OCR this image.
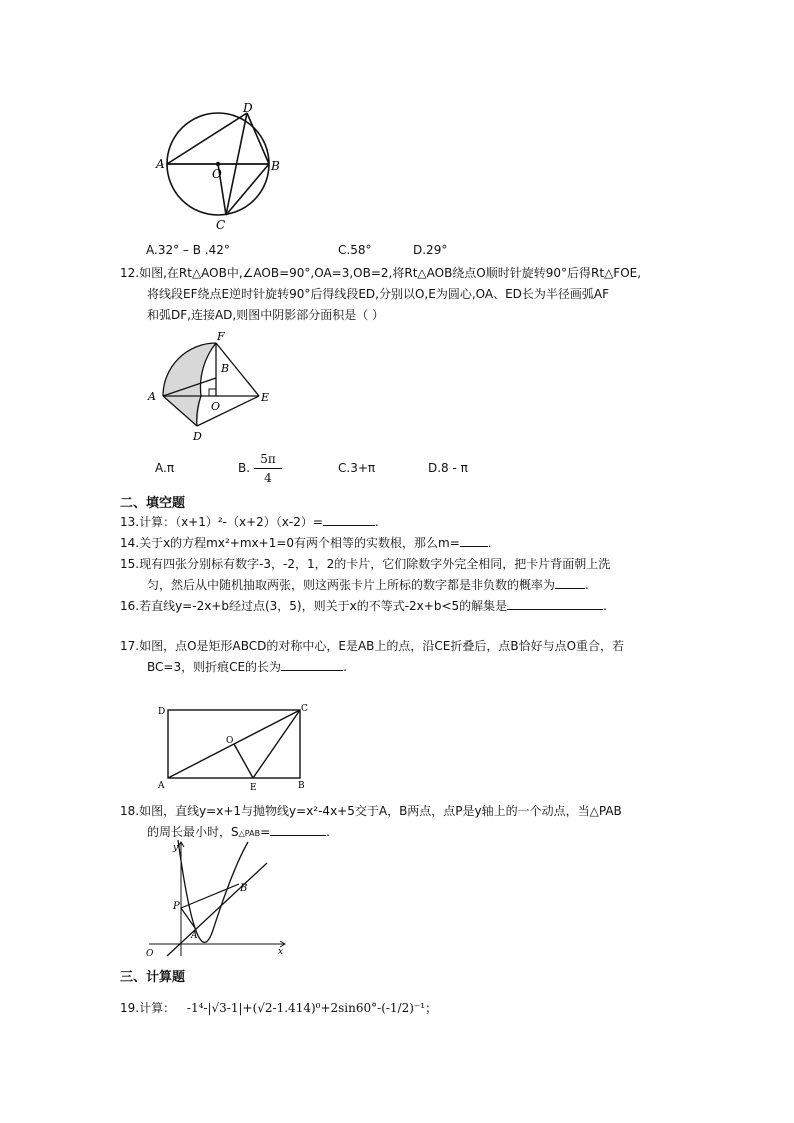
A	B
C
D
O
A.32° – B .42°	C.58°	D.29°
12.如图,在Rt△AOB中,∠AOB=90°,OA=3,OB=2,将Rt△AOB绕点O顺时针旋转90°后得Rt△FOE,
将线段EF绕点E逆时针旋转90°后得线段ED,分别以O,E为圆心,OA、ED长为半径画弧AF
和弧DF,连接AD,则图中阴影部分面积是（ ）
F
B
A
O
E
D
A.π	B.
5π
4
C.3+π	D.8 - π
二、填空题
13.计算：（x+1）²-（x+2）（x-2）=	.
14.关于x的方程mx²+mx+1=0有两个相等的实数根，那么m= .
15.现有四张分别标有数字-3，-2，1，2的卡片，它们除数字外完全相同，把卡片背面朝上洗
匀，然后从中随机抽取两张，则这两张卡片上所标的数字都是非负数的概率为	.
16.若直线y=-2x+b经过点(3，5)，则关于x的不等式-2x+b<5的解集是	.
17.如图，点O是矩形ABCD的对称中心，E是AB上的点，沿CE折叠后，点B恰好与点O重合，若
BC=3，则折痕CE的长为	.
D	C
O
A	E	B
18.如图，直线y=x+1与抛物线y=x²-4x+5交于A，B两点，点P是y轴上的一个动点，当△PAB
的周长最小时，S△PAB=	.
O
y
x
P
B
A
三、计算题
19.计算： -1⁴-|√3-1|+(√2-1.414)⁰+2sin60°-(-1/2)⁻¹；
